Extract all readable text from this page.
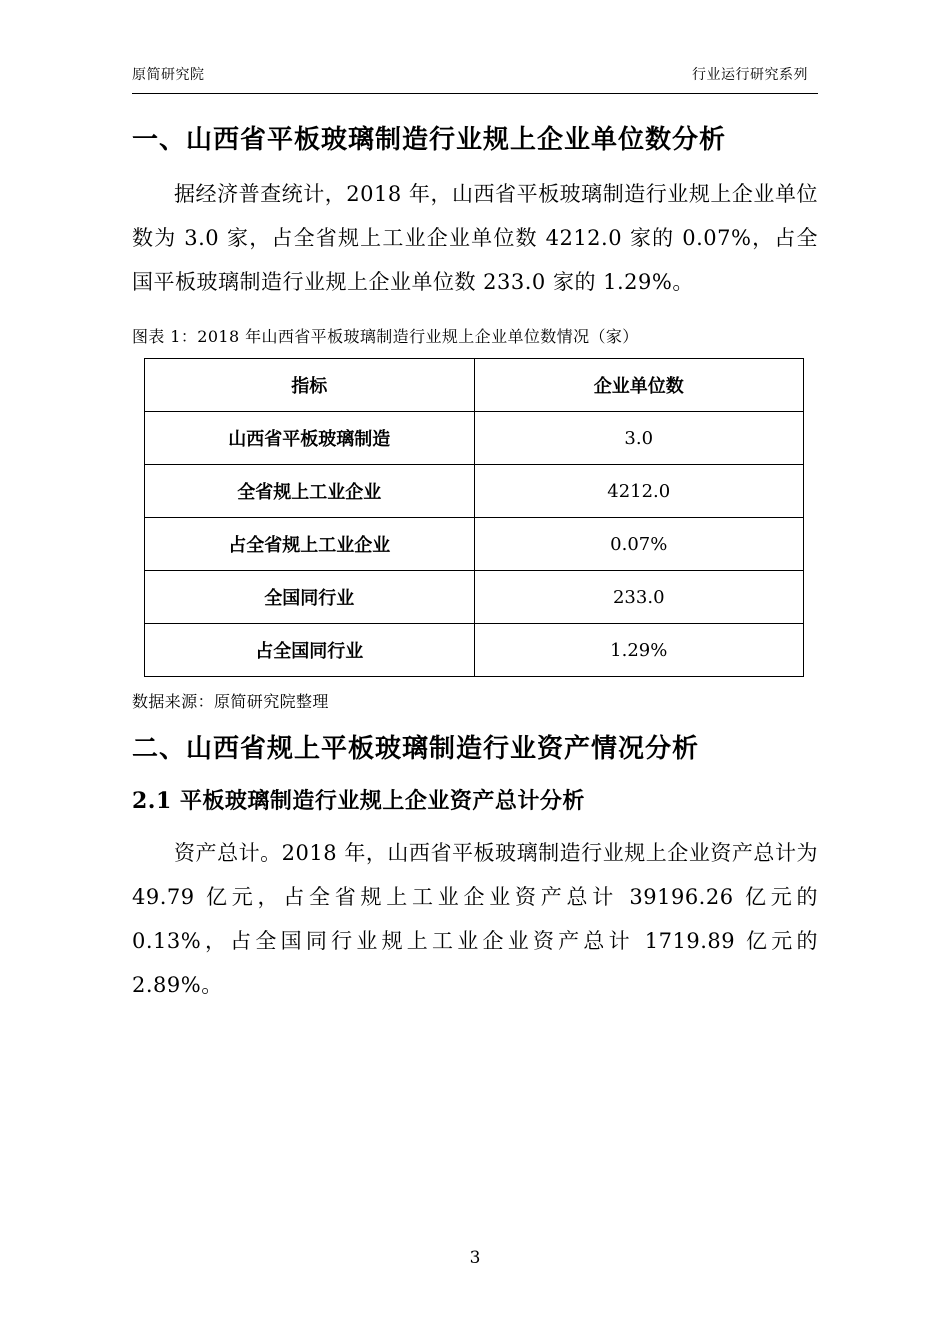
原简研究院	行业运行研究系列
一、山西省平板玻璃制造行业规上企业单位数分析

据经济普查统计，2018 年，山西省平板玻璃制造行业规上企业单位数为 3.0 家，占全省规上工业企业单位数 4212.0 家的 0.07%，占全国平板玻璃制造行业规上企业单位数 233.0 家的 1.29%。

图表 1：2018 年山西省平板玻璃制造行业规上企业单位数情况（家）

指标	企业单位数
山西省平板玻璃制造	3.0
全省规上工业企业	4212.0
占全省规上工业企业	0.07%
全国同行业	233.0
占全国同行业	1.29%

数据来源：原简研究院整理

二、山西省规上平板玻璃制造行业资产情况分析
2.1 平板玻璃制造行业规上企业资产总计分析

资产总计。2018 年，山西省平板玻璃制造行业规上企业资产总计为 49.79 亿元，占全省规上工业企业资产总计 39196.26 亿元的 0.13%，占全国同行业规上工业企业资产总计 1719.89 亿元的 2.89%。

3
